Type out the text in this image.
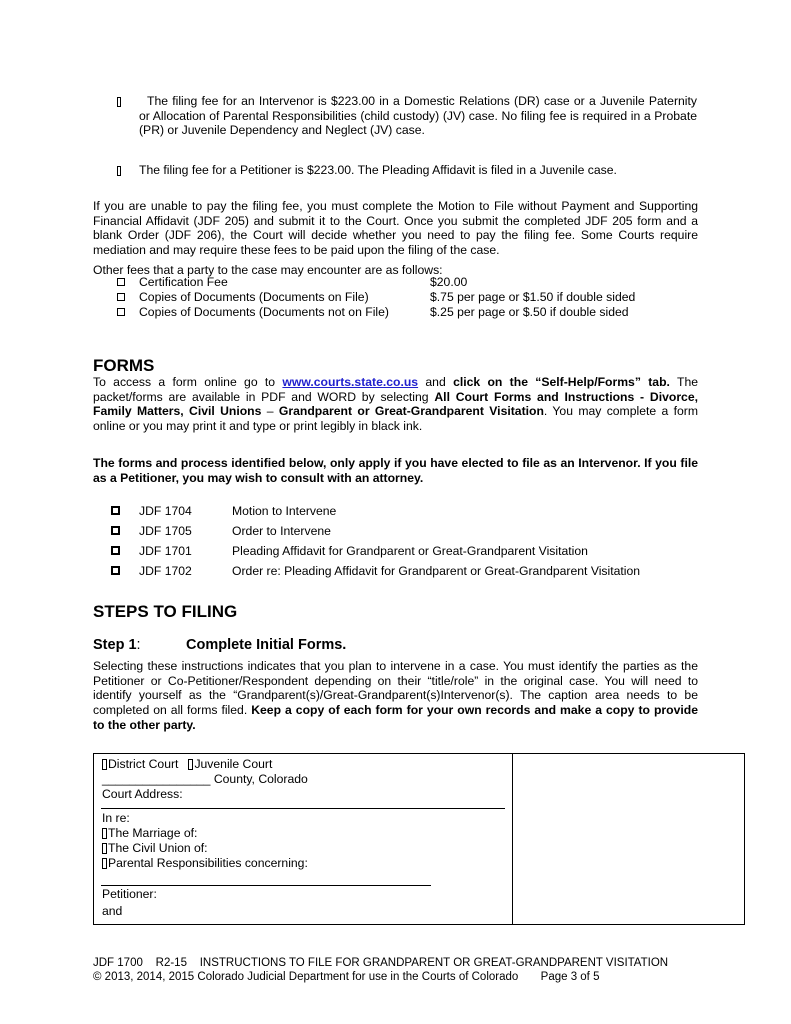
The filing fee for an Intervenor is $223.00 in a Domestic Relations (DR) case or a Juvenile Paternity or Allocation of Parental Responsibilities (child custody) (JV) case. No filing fee is required in a Probate (PR) or Juvenile Dependency and Neglect (JV) case.
The filing fee for a Petitioner is $223.00. The Pleading Affidavit is filed in a Juvenile case.
If you are unable to pay the filing fee, you must complete the Motion to File without Payment and Supporting Financial Affidavit (JDF 205) and submit it to the Court. Once you submit the completed JDF 205 form and a blank Order (JDF 206), the Court will decide whether you need to pay the filing fee. Some Courts require mediation and may require these fees to be paid upon the filing of the case.
Other fees that a party to the case may encounter are as follows:
Certification Fee	$20.00
Copies of Documents (Documents on File)	$.75 per page or $1.50 if double sided
Copies of Documents (Documents not on File)	$.25 per page or $.50 if double sided
FORMS
To access a form online go to www.courts.state.co.us and click on the “Self-Help/Forms” tab. The packet/forms are available in PDF and WORD by selecting All Court Forms and Instructions - Divorce, Family Matters, Civil Unions – Grandparent or Great-Grandparent Visitation. You may complete a form online or you may print it and type or print legibly in black ink.
The forms and process identified below, only apply if you have elected to file as an Intervenor. If you file as a Petitioner, you may wish to consult with an attorney.
JDF 1704	Motion to Intervene
JDF 1705	Order to Intervene
JDF 1701	Pleading Affidavit for Grandparent or Great-Grandparent Visitation
JDF 1702	Order re: Pleading Affidavit for Grandparent or Great-Grandparent Visitation
STEPS TO FILING
Step 1:	Complete Initial Forms.
Selecting these instructions indicates that you plan to intervene in a case. You must identify the parties as the Petitioner or Co-Petitioner/Respondent depending on their “title/role” in the original case. You will need to identify yourself as the “Grandparent(s)/Great-Grandparent(s)Intervenor(s). The caption area needs to be completed on all forms filed. Keep a copy of each form for your own records and make a copy to provide to the other party.
District Court Juvenile Court
________________ County, Colorado
Court Address:
In re:
The Marriage of:
The Civil Union of:
Parental Responsibilities concerning:
Petitioner:
and
JDF 1700    R2-15    INSTRUCTIONS TO FILE FOR GRANDPARENT OR GREAT-GRANDPARENT VISITATION
© 2013, 2014, 2015 Colorado Judicial Department for use in the Courts of Colorado       Page 3 of 5
